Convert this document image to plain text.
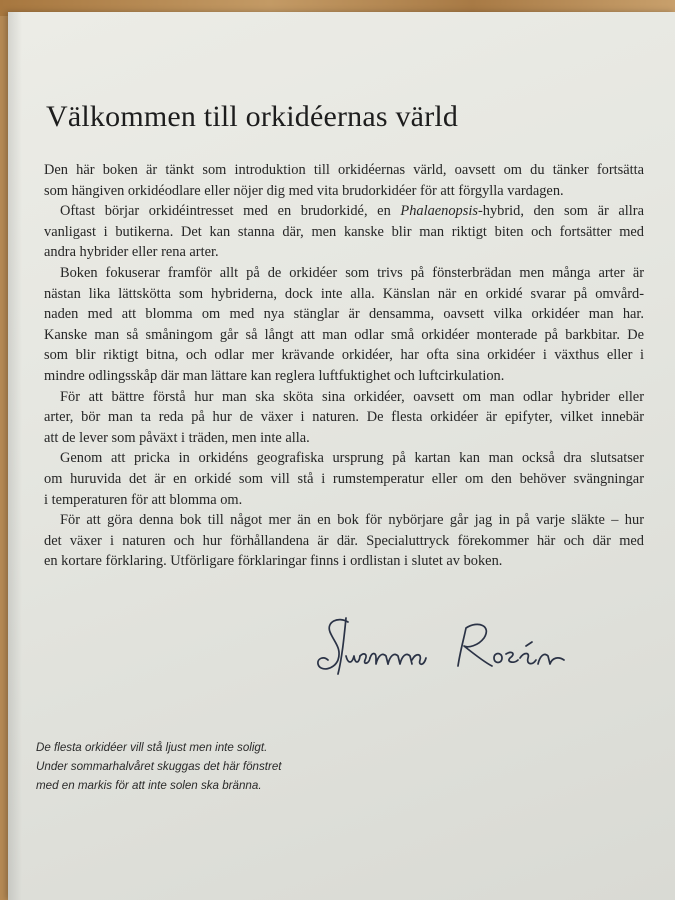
Välkommen till orkidéernas värld
Den här boken är tänkt som introduktion till orkidéernas värld, oavsett om du tänker fortsätta
som hängiven orkidéodlare eller nöjer dig med vita brudorkidéer för att förgylla vardagen.
Oftast börjar orkidéintresset med en brudorkidé, en Phalaenopsis-hybrid, den som är allra
vanligast i butikerna. Det kan stanna där, men kanske blir man riktigt biten och fortsätter med
andra hybrider eller rena arter.
Boken fokuserar framför allt på de orkidéer som trivs på fönsterbrädan men många arter är
nästan lika lättskötta som hybriderna, dock inte alla. Känslan när en orkidé svarar på omvård-
naden med att blomma om med nya stänglar är densamma, oavsett vilka orkidéer man har.
Kanske man så småningom går så långt att man odlar små orkidéer monterade på barkbitar. De
som blir riktigt bitna, och odlar mer krävande orkidéer, har ofta sina orkidéer i växthus eller i
mindre odlingsskåp där man lättare kan reglera luftfuktighet och luftcirkulation.
För att bättre förstå hur man ska sköta sina orkidéer, oavsett om man odlar hybrider eller
arter, bör man ta reda på hur de växer i naturen. De flesta orkidéer är epifyter, vilket innebär
att de lever som påväxt i träden, men inte alla.
Genom att pricka in orkidéns geografiska ursprung på kartan kan man också dra slutsatser
om huruvida det är en orkidé som vill stå i rumstemperatur eller om den behöver svängningar
i temperaturen för att blomma om.
För att göra denna bok till något mer än en bok för nybörjare går jag in på varje släkte – hur
det växer i naturen och hur förhållandena är där. Specialuttryck förekommer här och där med
en kortare förklaring. Utförligare förklaringar finns i ordlistan i slutet av boken.
De flesta orkidéer vill stå ljust men inte soligt.
Under sommarhalvåret skuggas det här fönstret
med en markis för att inte solen ska bränna.
